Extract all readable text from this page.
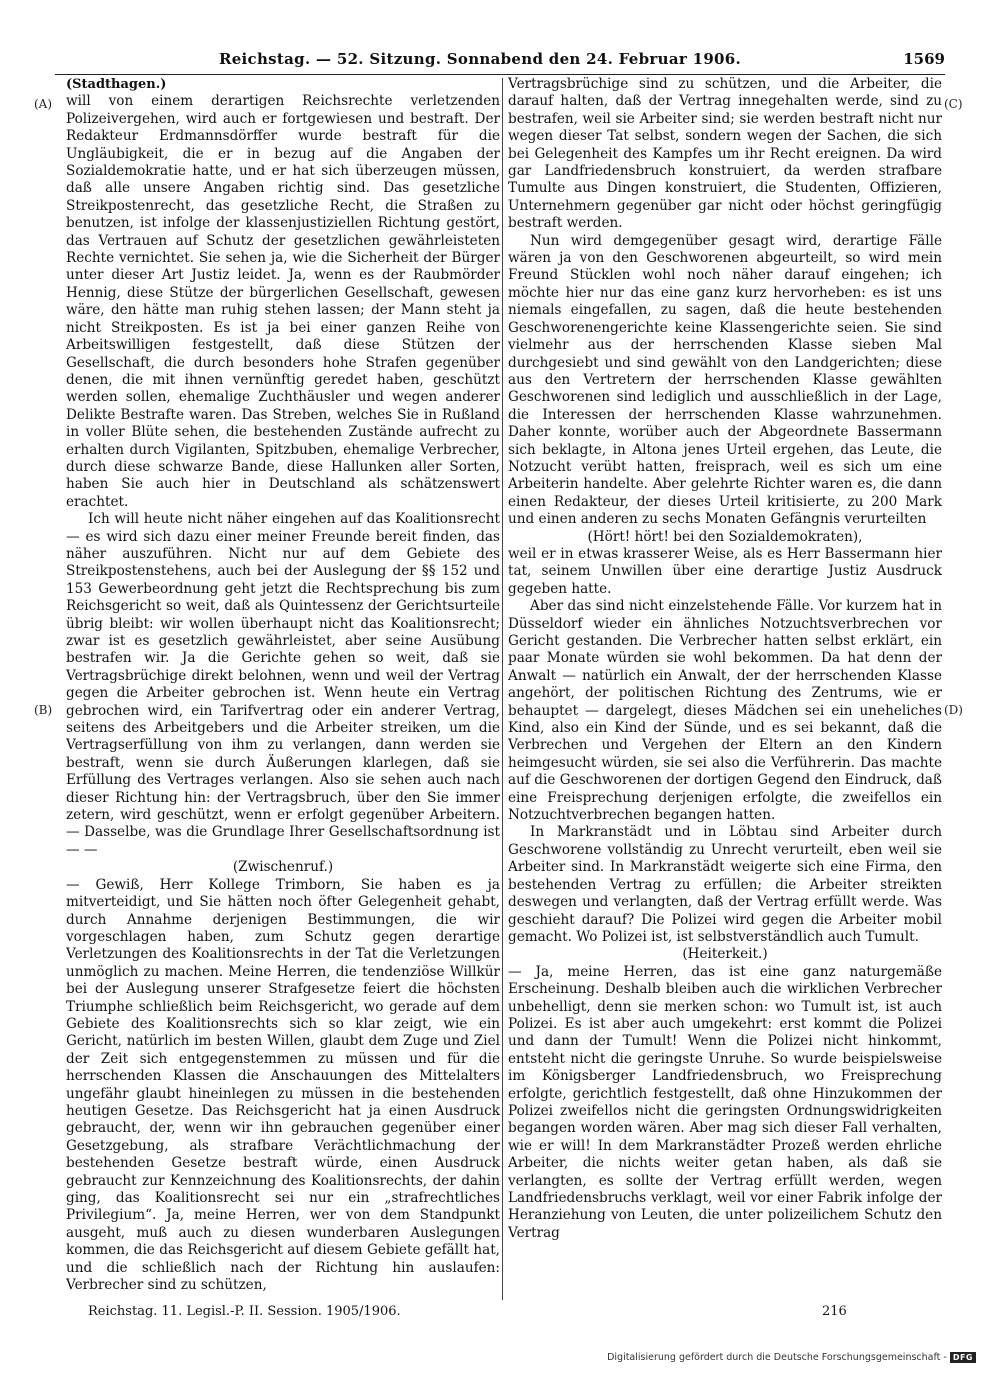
Reichstag. — 52. Sitzung. Sonnabend den 24. Februar 1906.	1569

(Stadthagen.)

will von einem derartigen Reichsrechte verletzenden Polizeivergehen, wird auch er fortgewiesen und bestraft. Der Redakteur Erdmannsdörffer wurde bestraft für die Ungläubigkeit, die er in bezug auf die Angaben der Sozialdemokratie hatte, und er hat sich überzeugen müssen, daß alle unsere Angaben richtig sind. Das gesetzliche Streikpostenrecht, das gesetzliche Recht, die Straßen zu benutzen, ist infolge der klassenjustiziellen Richtung gestört, das Vertrauen auf Schutz der gesetzlichen gewährleisteten Rechte vernichtet. Sie sehen ja, wie die Sicherheit der Bürger unter dieser Art Justiz leidet. Ja, wenn es der Raubmörder Hennig, diese Stütze der bürgerlichen Gesellschaft, gewesen wäre, den hätte man ruhig stehen lassen; der Mann steht ja nicht Streikposten. Es ist ja bei einer ganzen Reihe von Arbeitswilligen festgestellt, daß diese Stützen der Gesellschaft, die durch besonders hohe Strafen gegenüber denen, die mit ihnen vernünftig geredet haben, geschützt werden sollen, ehemalige Zuchthäusler und wegen anderer Delikte Bestrafte waren. Das Streben, welches Sie in Rußland in voller Blüte sehen, die bestehenden Zustände aufrecht zu erhalten durch Vigilanten, Spitzbuben, ehemalige Verbrecher, durch diese schwarze Bande, diese Hallunken aller Sorten, haben Sie auch hier in Deutschland als schätzenswert erachtet.

Ich will heute nicht näher eingehen auf das Koalitionsrecht — es wird sich dazu einer meiner Freunde bereit finden, das näher auszuführen. Nicht nur auf dem Gebiete des Streikpostenstehens, auch bei der Auslegung der §§ 152 und 153 Gewerbeordnung geht jetzt die Rechtsprechung bis zum Reichsgericht so weit, daß als Quintessenz der Gerichtsurteile übrig bleibt: wir wollen überhaupt nicht das Koalitionsrecht; zwar ist es gesetzlich gewährleistet, aber seine Ausübung bestrafen wir. Ja die Gerichte gehen so weit, daß sie Vertragsbrüchige direkt belohnen, wenn und weil der Vertrag gegen die Arbeiter gebrochen ist. Wenn heute ein Vertrag gebrochen wird, ein Tarifvertrag oder ein anderer Vertrag, seitens des Arbeitgebers und die Arbeiter streiken, um die Vertragserfüllung von ihm zu verlangen, dann werden sie bestraft, wenn sie durch Äußerungen klarlegen, daß sie Erfüllung des Vertrages verlangen. Also sie sehen auch nach dieser Richtung hin: der Vertragsbruch, über den Sie immer zetern, wird geschützt, wenn er erfolgt gegenüber Arbeitern. — Dasselbe, was die Grundlage Ihrer Gesellschaftsordnung ist — —

(Zwischenruf.)

— Gewiß, Herr Kollege Trimborn, Sie haben es ja mitverteidigt, und Sie hätten noch öfter Gelegenheit gehabt, durch Annahme derjenigen Bestimmungen, die wir vorgeschlagen haben, zum Schutz gegen derartige Verletzungen des Koalitionsrechts in der Tat die Verletzungen unmöglich zu machen. Meine Herren, die tendenziöse Willkür bei der Auslegung unserer Strafgesetze feiert die höchsten Triumphe schließlich beim Reichsgericht, wo gerade auf dem Gebiete des Koalitionsrechts sich so klar zeigt, wie ein Gericht, natürlich im besten Willen, glaubt dem Zuge und Ziel der Zeit sich entgegenstemmen zu müssen und für die herrschenden Klassen die Anschauungen des Mittelalters ungefähr glaubt hineinlegen zu müssen in die bestehenden heutigen Gesetze. Das Reichsgericht hat ja einen Ausdruck gebraucht, der, wenn wir ihn gebrauchen gegenüber einer Gesetzgebung, als strafbare Verächtlichmachung der bestehenden Gesetze bestraft würde, einen Ausdruck gebraucht zur Kennzeichnung des Koalitionsrechts, der dahin ging, das Koalitionsrecht sei nur ein „strafrechtliches Privilegium“. Ja, meine Herren, wer von dem Standpunkt ausgeht, muß auch zu diesen wunderbaren Auslegungen kommen, die das Reichsgericht auf diesem Gebiete gefällt hat, und die schließlich nach der Richtung hin auslaufen: Verbrecher sind zu schützen,

Vertragsbrüchige sind zu schützen, und die Arbeiter, die darauf halten, daß der Vertrag innegehalten werde, sind zu bestrafen, weil sie Arbeiter sind; sie werden bestraft nicht nur wegen dieser Tat selbst, sondern wegen der Sachen, die sich bei Gelegenheit des Kampfes um ihr Recht ereignen. Da wird gar Landfriedensbruch konstruiert, da werden strafbare Tumulte aus Dingen konstruiert, die Studenten, Offizieren, Unternehmern gegenüber gar nicht oder höchst geringfügig bestraft werden.

Nun wird demgegenüber gesagt wird, derartige Fälle wären ja von den Geschworenen abgeurteilt, so wird mein Freund Stücklen wohl noch näher darauf eingehen; ich möchte hier nur das eine ganz kurz hervorheben: es ist uns niemals eingefallen, zu sagen, daß die heute bestehenden Geschworenengerichte keine Klassengerichte seien. Sie sind vielmehr aus der herrschenden Klasse sieben Mal durchgesiebt und sind gewählt von den Landgerichten; diese aus den Vertretern der herrschenden Klasse gewählten Geschworenen sind lediglich und ausschließlich in der Lage, die Interessen der herrschenden Klasse wahrzunehmen. Daher konnte, worüber auch der Abgeordnete Bassermann sich beklagte, in Altona jenes Urteil ergehen, das Leute, die Notzucht verübt hatten, freisprach, weil es sich um eine Arbeiterin handelte. Aber gelehrte Richter waren es, die dann einen Redakteur, der dieses Urteil kritisierte, zu 200 Mark und einen anderen zu sechs Monaten Gefängnis verurteilten

(Hört! hört! bei den Sozialdemokraten),

weil er in etwas krasserer Weise, als es Herr Bassermann hier tat, seinem Unwillen über eine derartige Justiz Ausdruck gegeben hatte.

Aber das sind nicht einzelstehende Fälle. Vor kurzem hat in Düsseldorf wieder ein ähnliches Notzuchtsverbrechen vor Gericht gestanden. Die Verbrecher hatten selbst erklärt, ein paar Monate würden sie wohl bekommen. Da hat denn der Anwalt — natürlich ein Anwalt, der der herrschenden Klasse angehört, der politischen Richtung des Zentrums, wie er behauptet — dargelegt, dieses Mädchen sei ein uneheliches Kind, also ein Kind der Sünde, und es sei bekannt, daß die Verbrechen und Vergehen der Eltern an den Kindern heimgesucht würden, sie sei also die Verführerin. Das machte auf die Geschworenen der dortigen Gegend den Eindruck, daß eine Freisprechung derjenigen erfolgte, die zweifellos ein Notzuchtverbrechen begangen hatten.

In Markranstädt und in Löbtau sind Arbeiter durch Geschworene vollständig zu Unrecht verurteilt, eben weil sie Arbeiter sind. In Markranstädt weigerte sich eine Firma, den bestehenden Vertrag zu erfüllen; die Arbeiter streikten deswegen und verlangten, daß der Vertrag erfüllt werde. Was geschieht darauf? Die Polizei wird gegen die Arbeiter mobil gemacht. Wo Polizei ist, ist selbstverständlich auch Tumult.

(Heiterkeit.)

— Ja, meine Herren, das ist eine ganz naturgemäße Erscheinung. Deshalb bleiben auch die wirklichen Verbrecher unbehelligt, denn sie merken schon: wo Tumult ist, ist auch Polizei. Es ist aber auch umgekehrt: erst kommt die Polizei und dann der Tumult! Wenn die Polizei nicht hinkommt, entsteht nicht die geringste Unruhe. So wurde beispielsweise im Königsberger Landfriedensbruch, wo Freisprechung erfolgte, gerichtlich festgestellt, daß ohne Hinzukommen der Polizei zweifellos nicht die geringsten Ordnungswidrigkeiten begangen worden wären. Aber mag sich dieser Fall verhalten, wie er will! In dem Markranstädter Prozeß werden ehrliche Arbeiter, die nichts weiter getan haben, als daß sie verlangten, es sollte der Vertrag erfüllt werden, wegen Landfriedensbruchs verklagt, weil vor einer Fabrik infolge der Heranziehung von Leuten, die unter polizeilichem Schutz den Vertrag

(A)
(B)
(C)
(D)
Reichstag. 11. Legisl.-P. II. Session. 1905/1906.	216
Digitalisierung gefördert durch die Deutsche Forschungsgemeinschaft - DFG
